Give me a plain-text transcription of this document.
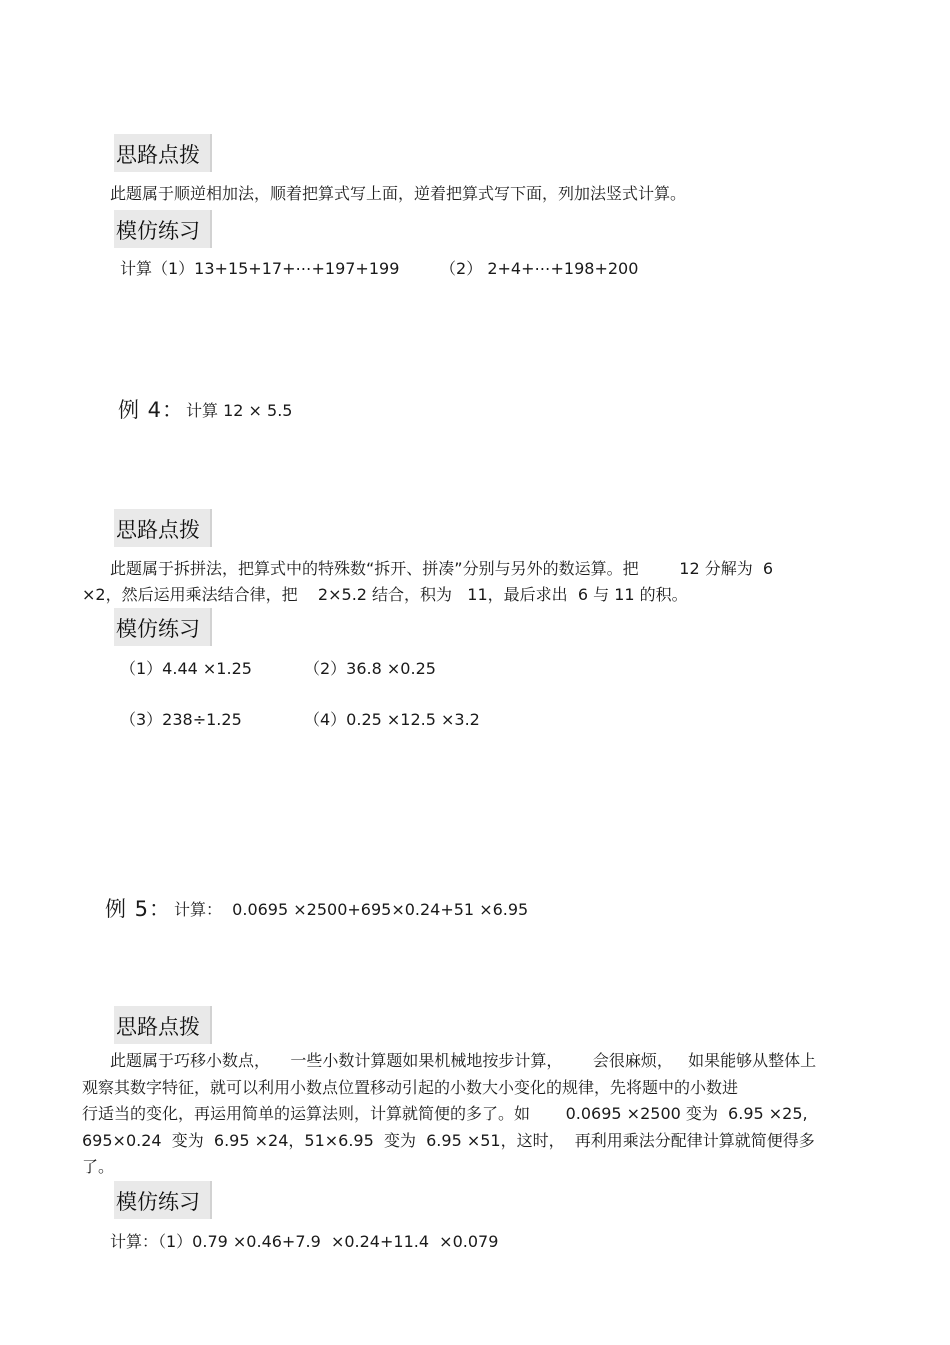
思路点拨
此题属于顺逆相加法，顺着把算式写上面，逆着把算式写下面，列加法竖式计算。
模仿练习
计算（1）13+15+17+⋯+197+199        （2） 2+4+⋯+198+200
例 4： 计算 12 × 5.5
思路点拨
此题属于拆拼法，把算式中的特殊数“拆开、拼凑”分别与另外的数运算。把        12 分解为  6
×2，然后运用乘法结合律，把    2×5.2 结合，积为   11，最后求出  6 与 11 的积。
模仿练习
（1）4.44 ×1.25	（2）36.8 ×0.25
（3）238÷1.25	（4）0.25 ×12.5 ×3.2
例 5： 计算：  0.0695 ×2500+695×0.24+51 ×6.95
思路点拨
此题属于巧移小数点，    一些小数计算题如果机械地按步计算，      会很麻烦，   如果能够从整体上
观察其数字特征，就可以利用小数点位置移动引起的小数大小变化的规律，先将题中的小数进
行适当的变化，再运用简单的运算法则，计算就简便的多了。如       0.0695 ×2500 变为  6.95 ×25,
695×0.24  变为  6.95 ×24，51×6.95  变为  6.95 ×51，这时，  再利用乘法分配律计算就简便得多
了。
模仿练习
计算：（1）0.79 ×0.46+7.9  ×0.24+11.4  ×0.079
